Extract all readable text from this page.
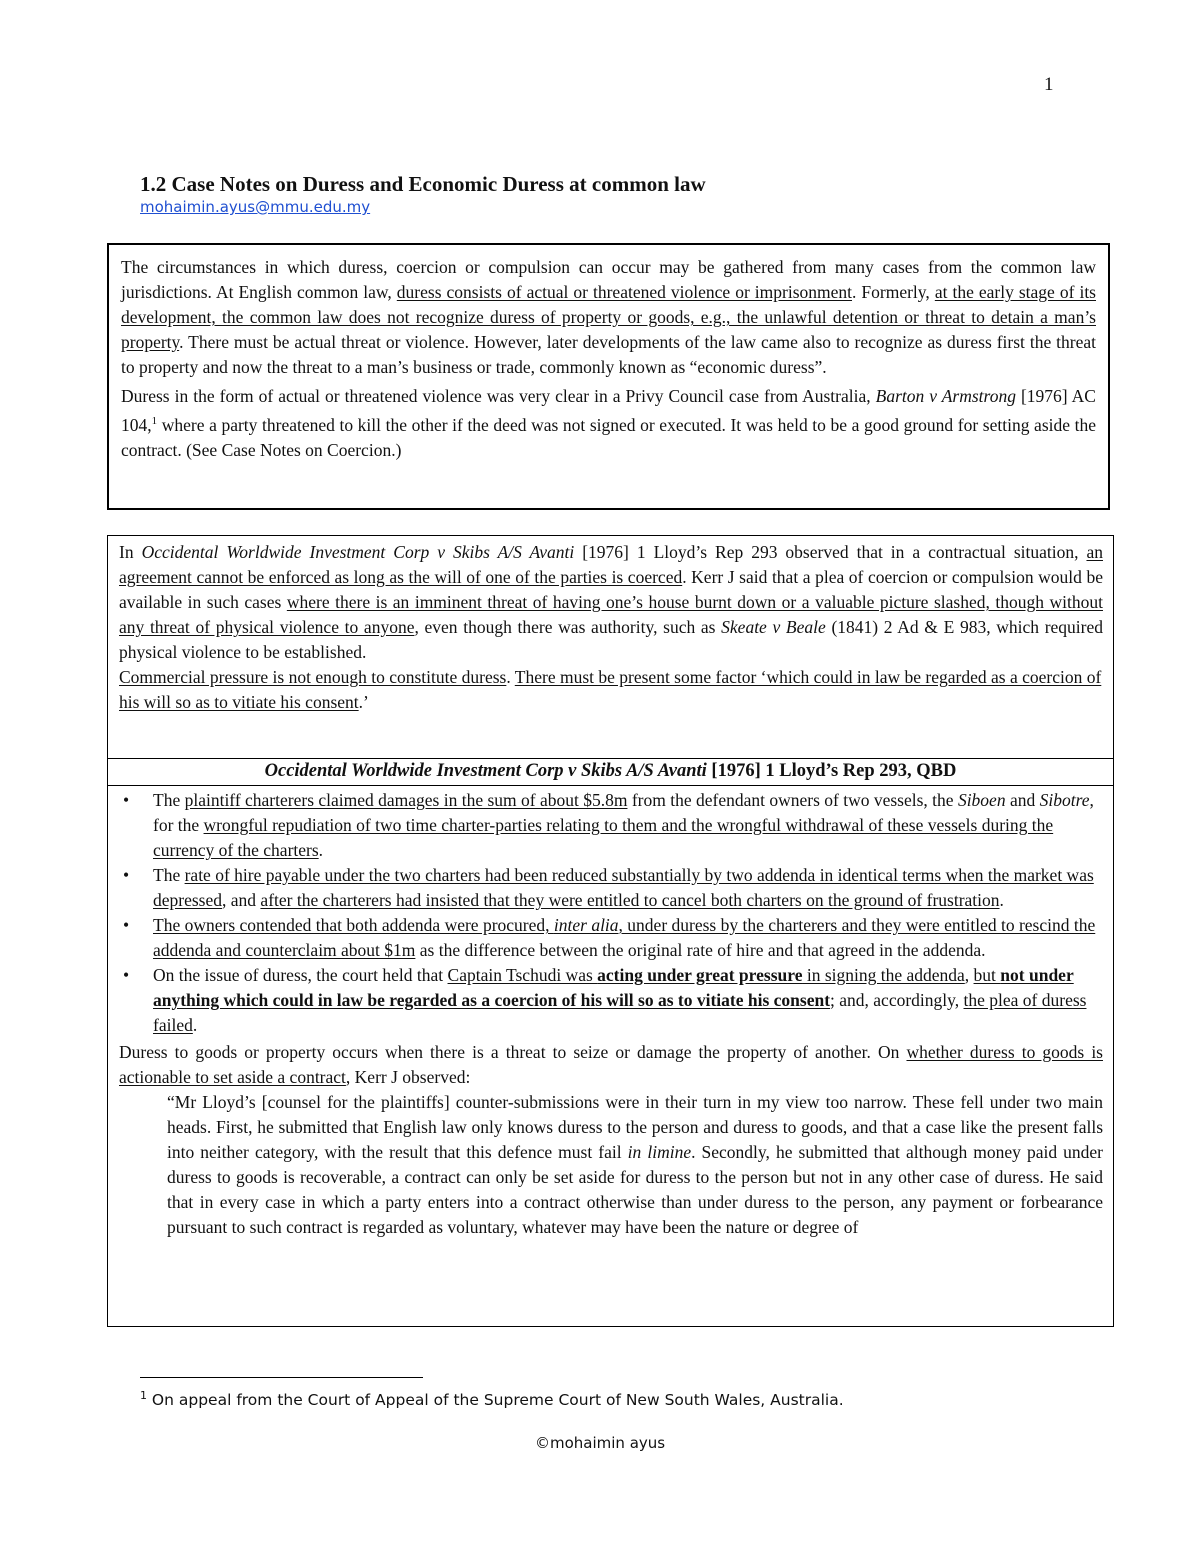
1
1.2 Case Notes on Duress and Economic Duress at common law
mohaimin.ayus@mmu.edu.my

The circumstances in which duress, coercion or compulsion can occur may be gathered from many cases from the common law jurisdictions. At English common law, duress consists of actual or threatened violence or imprisonment. Formerly, at the early stage of its development, the common law does not recognize duress of property or goods, e.g., the unlawful detention or threat to detain a man’s property. There must be actual threat or violence. However, later developments of the law came also to recognize as duress first the threat to property and now the threat to a man’s business or trade, commonly known as “economic duress”.

Duress in the form of actual or threatened violence was very clear in a Privy Council case from Australia, Barton v Armstrong [1976] AC 104,$^1$ where a party threatened to kill the other if the deed was not signed or executed. It was held to be a good ground for setting aside the contract. (See Case Notes on Coercion.)

In Occidental Worldwide Investment Corp v Skibs A/S Avanti [1976] 1 Lloyd’s Rep 293 observed that in a contractual situation, an agreement cannot be enforced as long as the will of one of the parties is coerced. Kerr J said that a plea of coercion or compulsion would be available in such cases where there is an imminent threat of having one’s house burnt down or a valuable picture slashed, though without any threat of physical violence to anyone, even though there was authority, such as Skeate v Beale (1841) 2 Ad & E 983, which required physical violence to be established.

Commercial pressure is not enough to constitute duress. There must be present some factor ‘which could in law be regarded as a coercion of his will so as to vitiate his consent.’

Occidental Worldwide Investment Corp v Skibs A/S Avanti [1976] 1 Lloyd’s Rep 293, QBD
• The plaintiff charterers claimed damages in the sum of about $5.8m from the defendant owners of two vessels, the Siboen and Sibotre, for the wrongful repudiation of two time charter-parties relating to them and the wrongful withdrawal of these vessels during the currency of the charters.
• The rate of hire payable under the two charters had been reduced substantially by two addenda in identical terms when the market was depressed, and after the charterers had insisted that they were entitled to cancel both charters on the ground of frustration.
• The owners contended that both addenda were procured, inter alia, under duress by the charterers and they were entitled to rescind the addenda and counterclaim about $1m as the difference between the original rate of hire and that agreed in the addenda.
• On the issue of duress, the court held that Captain Tschudi was acting under great pressure in signing the addenda, but not under anything which could in law be regarded as a coercion of his will so as to vitiate his consent; and, accordingly, the plea of duress failed.

Duress to goods or property occurs when there is a threat to seize or damage the property of another. On whether duress to goods is actionable to set aside a contract, Kerr J observed:

“Mr Lloyd’s [counsel for the plaintiffs] counter-submissions were in their turn in my view too narrow. These fell under two main heads. First, he submitted that English law only knows duress to the person and duress to goods, and that a case like the present falls into neither category, with the result that this defence must fail in limine. Secondly, he submitted that although money paid under duress to goods is recoverable, a contract can only be set aside for duress to the person but not in any other case of duress. He said that in every case in which a party enters into a contract otherwise than under duress to the person, any payment or forbearance pursuant to such contract is regarded as voluntary, whatever may have been the nature or degree of

$^1$ On appeal from the Court of Appeal of the Supreme Court of New South Wales, Australia.
©mohaimin ayus
